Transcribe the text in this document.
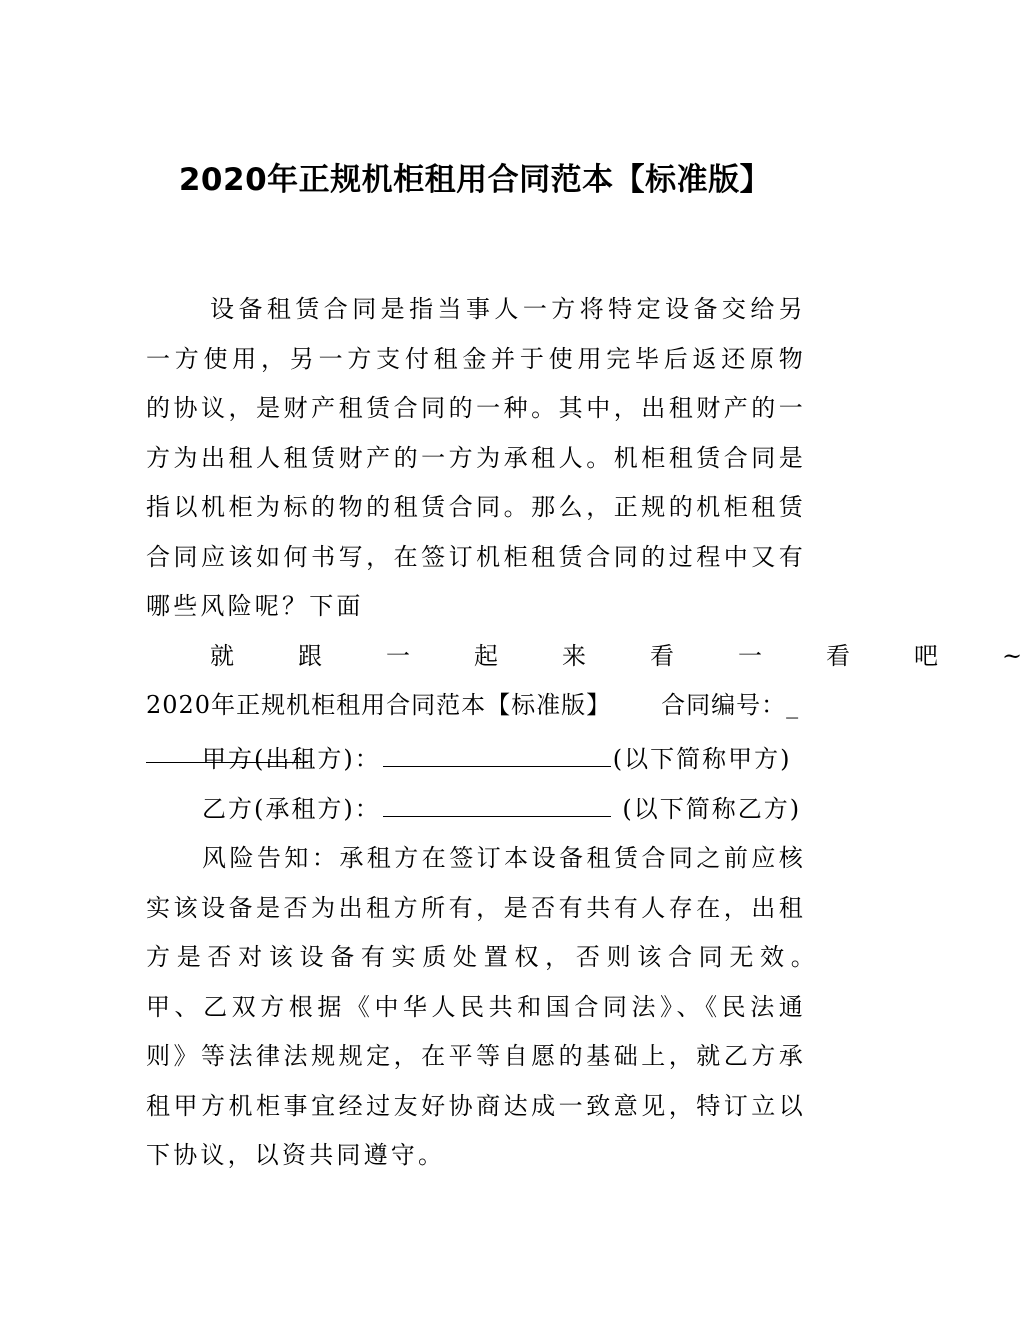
2020年正规机柜租用合同范本【标准版】
设备租赁合同是指当事人一方将特定设备交给另一方使用，另一方支付租金并于使用完毕后返还原物 的协议，是财产租赁合同的一种。其中，出租财产的一方为出租人租赁财产的一方为承租人。机柜租赁合同是指以机柜为标的物的租赁合同。那么，正规的机柜租赁合同应该如何书写，在签订机柜租赁合同的过程中又有哪些风险呢？下面
就	跟	一	起	来	看	一	看	吧	~
2020年正规机柜租用合同范本【标准版】 合同编号：_
甲方(出租方)：	(以下简称甲方)
乙方(承租方)：	(以下简称乙方)
风险告知：承租方在签订本设备租赁合同之前应核实该设备是否为出租方所有，是否有共有人存在，出租方是否对该设备有实质处置权，否则该合同无效。　　甲、乙双方根据《中华人民共和国合同法》、《民法通则》等法律法规规定，在平等自愿的基础上，就乙方承租甲方机柜事宜经过友好协商达成一致意见，特订立以下协议，以资共同遵守。
